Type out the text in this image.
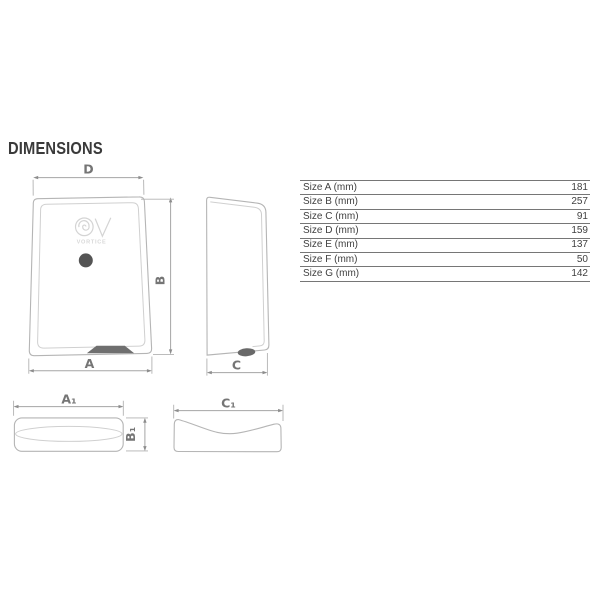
DIMENSIONS
VORTICE
D
A
B
C
A₁
B₁
C₁
Size A (mm)	181
Size B (mm)	257
Size C (mm)	91
Size D (mm)	159
Size E (mm)	137
Size F (mm)	50
Size G (mm)	142
